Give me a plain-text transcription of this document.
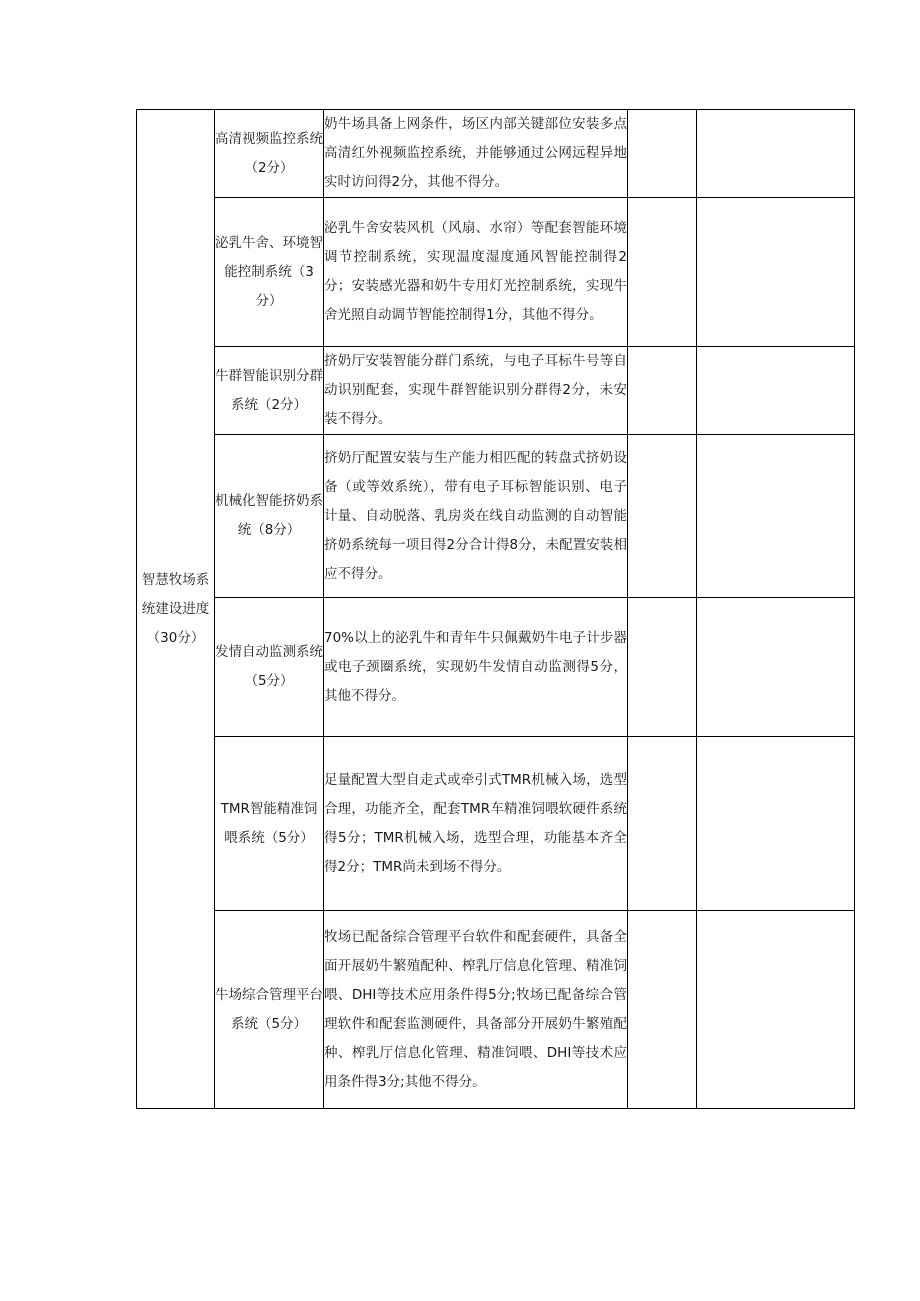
智慧牧场系统建设进度（30分）	高清视频监控系统（2分）	奶牛场具备上网条件，场区内部关键部位安装多点高清红外视频监控系统，并能够通过公网远程异地实时访问得2分，其他不得分。		
	泌乳牛舍、环境智能控制系统（3分）	泌乳牛舍安装风机（风扇、水帘）等配套智能环境调节控制系统，实现温度湿度通风智能控制得2分；安装感光器和奶牛专用灯光控制系统，实现牛舍光照自动调节智能控制得1分，其他不得分。		
	牛群智能识别分群系统（2分）	挤奶厅安装智能分群门系统，与电子耳标牛号等自动识别配套，实现牛群智能识别分群得2分，未安装不得分。		
	机械化智能挤奶系统（8分）	挤奶厅配置安装与生产能力相匹配的转盘式挤奶设备（或等效系统），带有电子耳标智能识别、电子计量、自动脱落、乳房炎在线自动监测的自动智能挤奶系统每一项目得2分合计得8分，未配置安装相应不得分。		
	发情自动监测系统（5分）	70%以上的泌乳牛和青年牛只佩戴奶牛电子计步器或电子颈圈系统，实现奶牛发情自动监测得5分，其他不得分。		
	TMR智能精准饲喂系统（5分）	足量配置大型自走式或牵引式TMR机械入场，选型合理，功能齐全，配套TMR车精准饲喂软硬件系统得5分；TMR机械入场，选型合理，功能基本齐全得2分；TMR尚未到场不得分。		
	牛场综合管理平台系统（5分）	牧场已配备综合管理平台软件和配套硬件，具备全面开展奶牛繁殖配种、榨乳厅信息化管理、精准饲喂、DHI等技术应用条件得5分;牧场已配备综合管理软件和配套监测硬件，具备部分开展奶牛繁殖配种、榨乳厅信息化管理、精准饲喂、DHI等技术应用条件得3分;其他不得分。		
